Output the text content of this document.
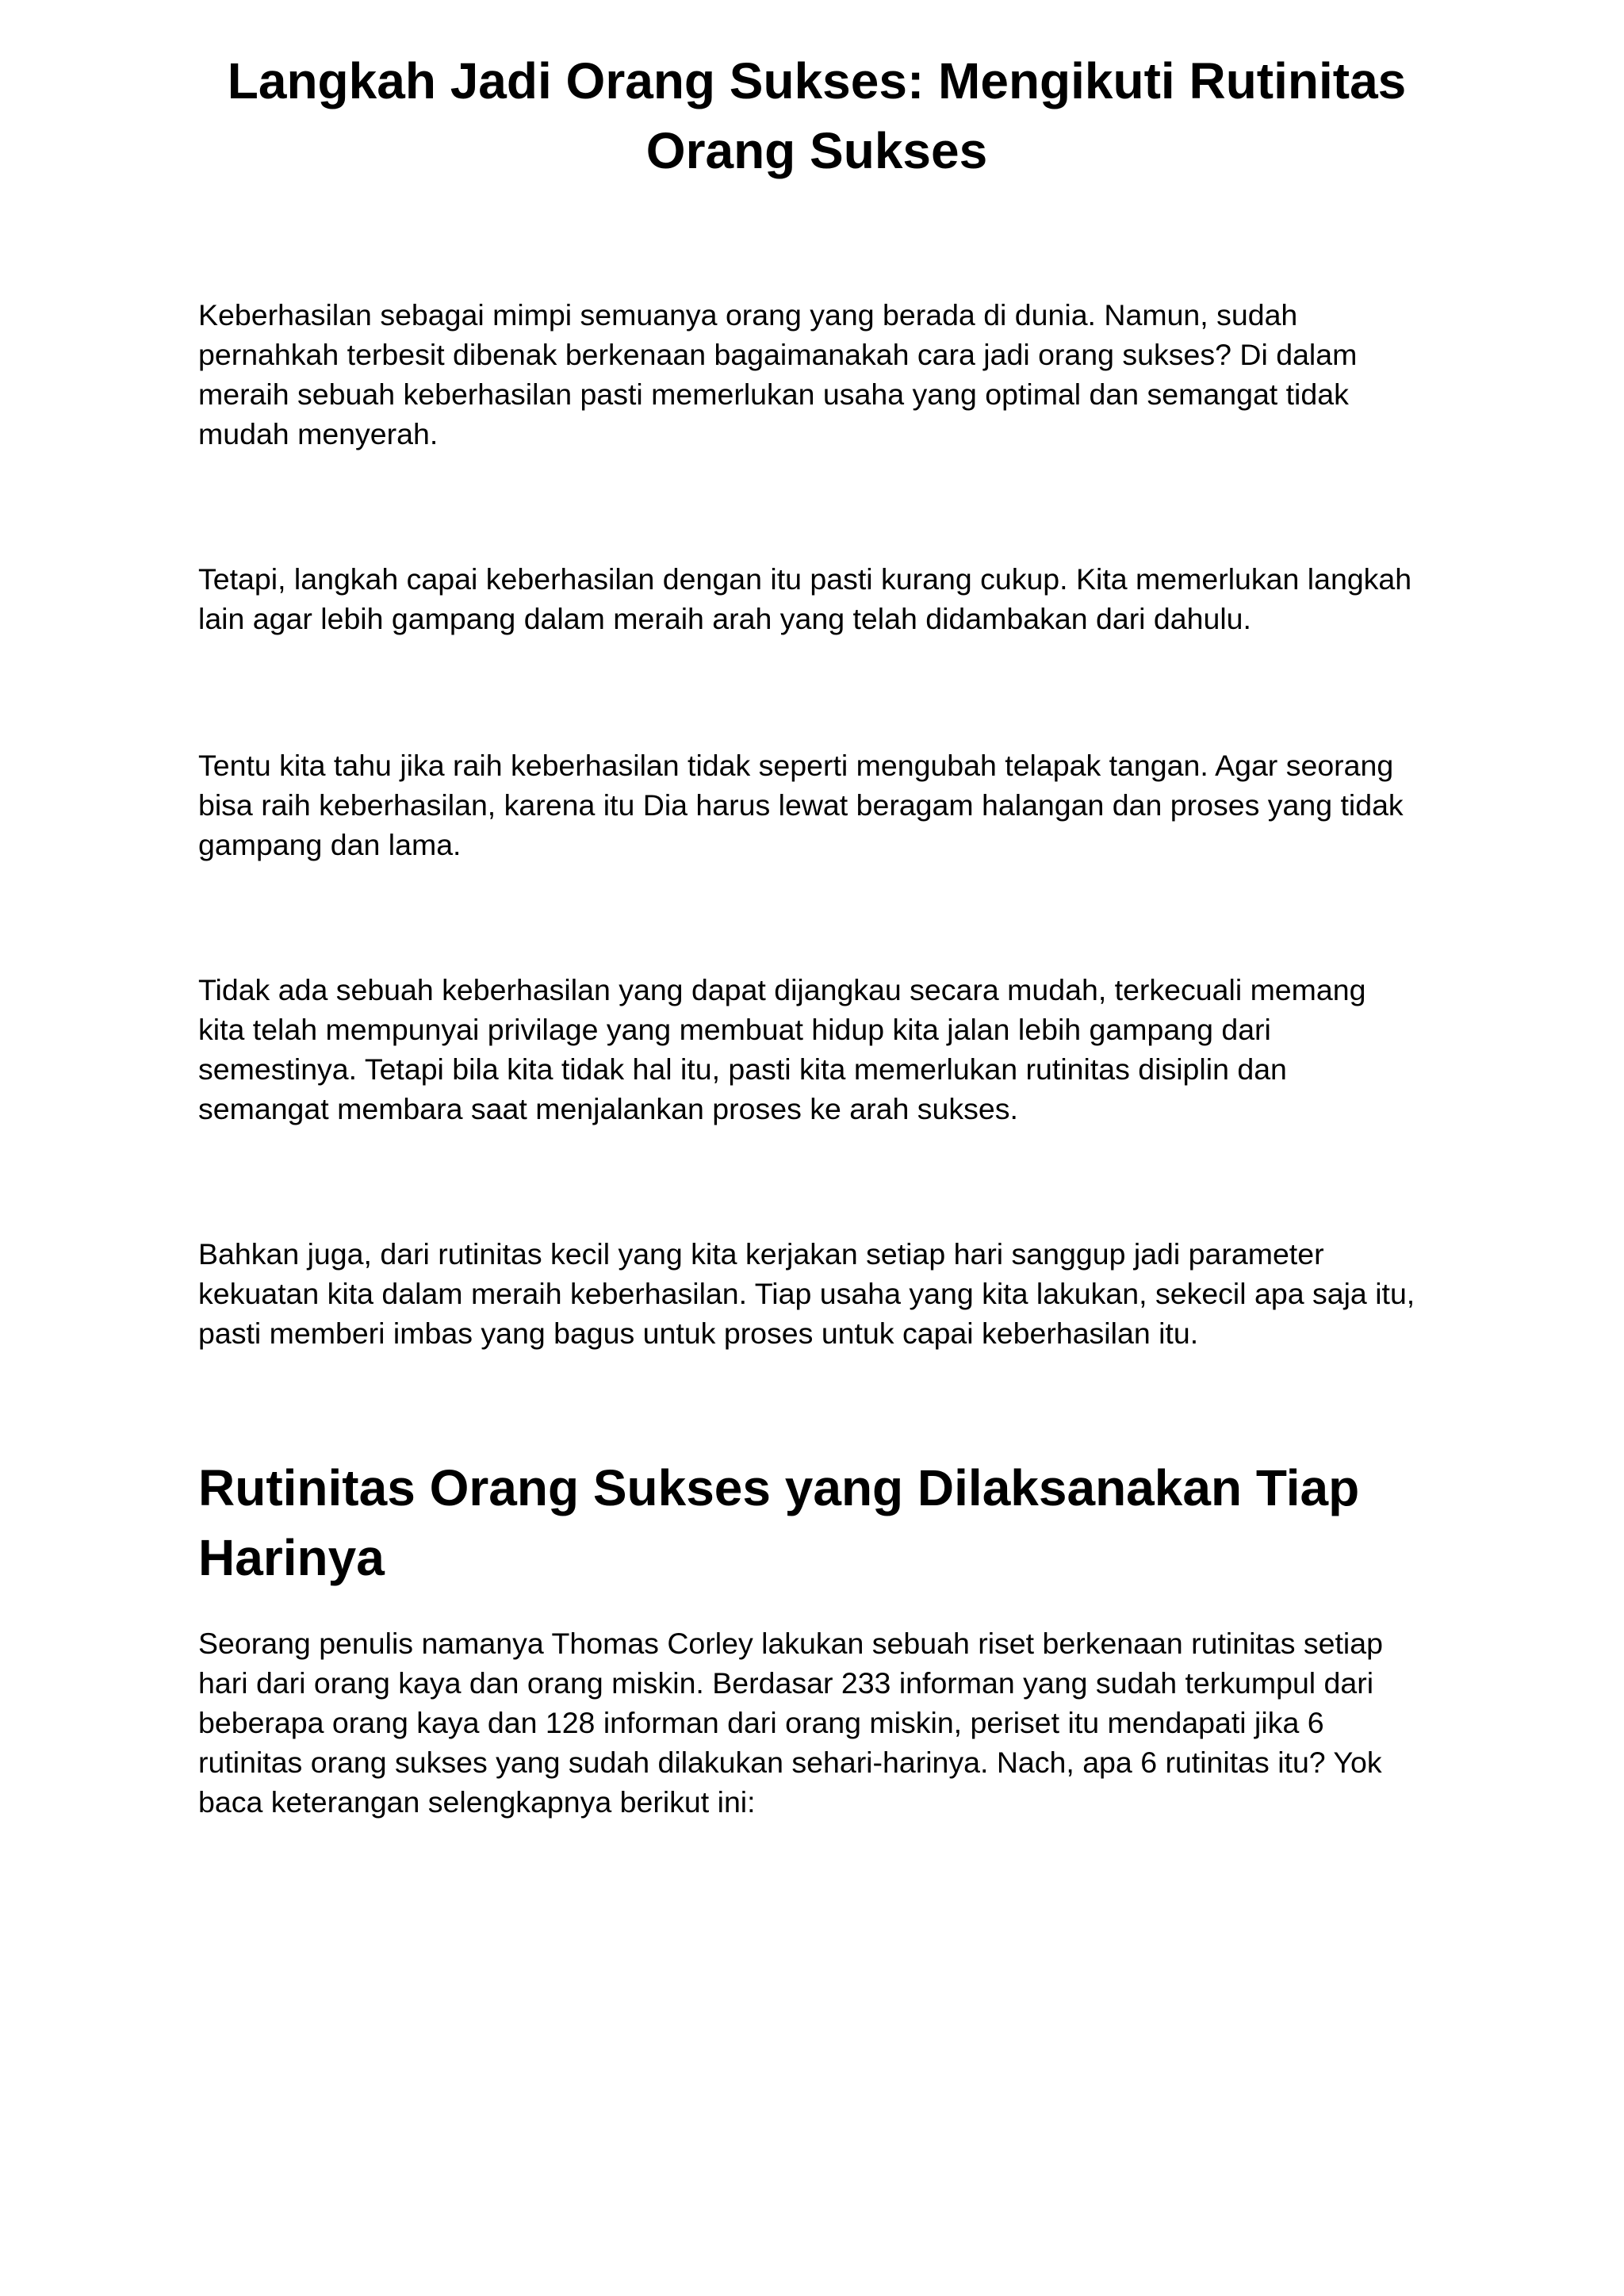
Langkah Jadi Orang Sukses: Mengikuti Rutinitas
Orang Sukses

Keberhasilan sebagai mimpi semuanya orang yang berada di dunia. Namun, sudah
pernahkah terbesit dibenak berkenaan bagaimanakah cara jadi orang sukses? Di dalam
meraih sebuah keberhasilan pasti memerlukan usaha yang optimal dan semangat tidak
mudah menyerah.

Tetapi, langkah capai keberhasilan dengan itu pasti kurang cukup. Kita memerlukan langkah
lain agar lebih gampang dalam meraih arah yang telah didambakan dari dahulu.

Tentu kita tahu jika raih keberhasilan tidak seperti mengubah telapak tangan. Agar seorang
bisa raih keberhasilan, karena itu Dia harus lewat beragam halangan dan proses yang tidak
gampang dan lama.

Tidak ada sebuah keberhasilan yang dapat dijangkau secara mudah, terkecuali memang
kita telah mempunyai privilage yang membuat hidup kita jalan lebih gampang dari
semestinya. Tetapi bila kita tidak hal itu, pasti kita memerlukan rutinitas disiplin dan
semangat membara saat menjalankan proses ke arah sukses.

Bahkan juga, dari rutinitas kecil yang kita kerjakan setiap hari sanggup jadi parameter
kekuatan kita dalam meraih keberhasilan. Tiap usaha yang kita lakukan, sekecil apa saja itu,
pasti memberi imbas yang bagus untuk proses untuk capai keberhasilan itu.

Rutinitas Orang Sukses yang Dilaksanakan Tiap
Harinya

Seorang penulis namanya Thomas Corley lakukan sebuah riset berkenaan rutinitas setiap
hari dari orang kaya dan orang miskin. Berdasar 233 informan yang sudah terkumpul dari
beberapa orang kaya dan 128 informan dari orang miskin, periset itu mendapati jika 6
rutinitas orang sukses yang sudah dilakukan sehari-harinya. Nach, apa 6 rutinitas itu? Yok
baca keterangan selengkapnya berikut ini:
